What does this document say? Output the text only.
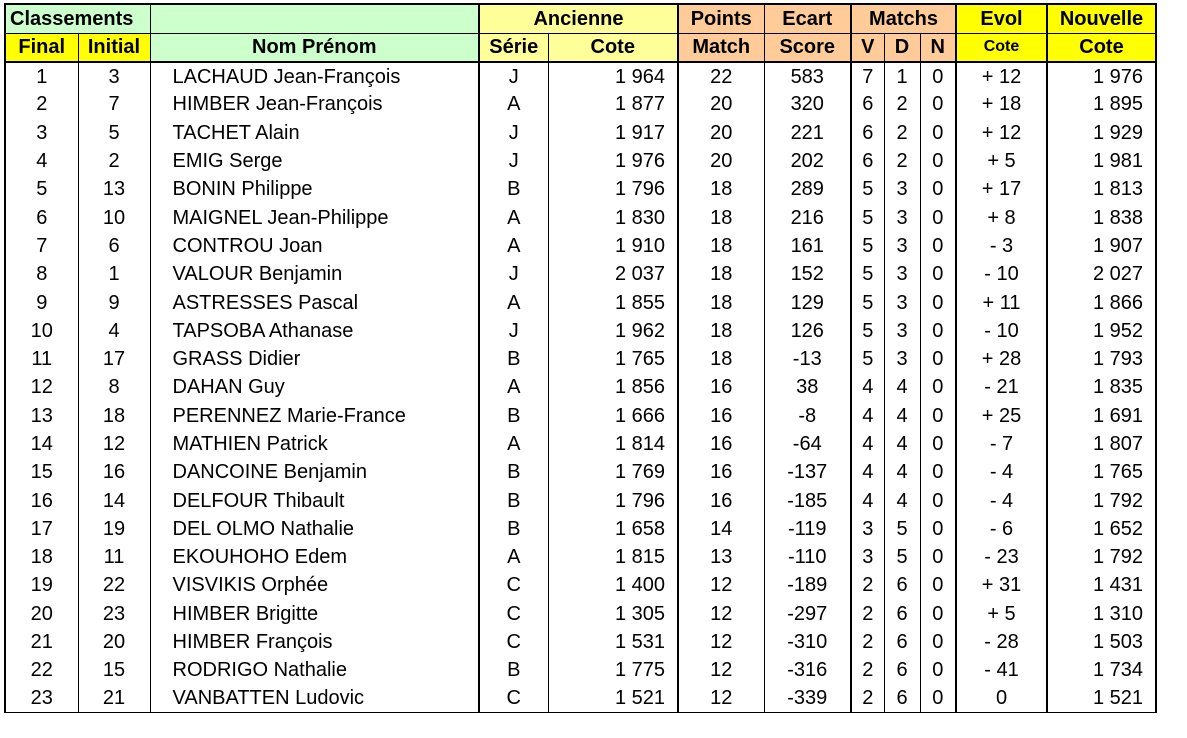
Classements			Ancienne		Points	Ecart	Matchs			Evol	Nouvelle
Final	Initial	Nom Prénom	Série	Cote	Match	Score	V	D	N	Cote	Cote
1	3	LACHAUD Jean-François	J	1 964	22	583	7	1	0	+ 12	1 976
2	7	HIMBER Jean-François	A	1 877	20	320	6	2	0	+ 18	1 895
3	5	TACHET Alain	J	1 917	20	221	6	2	0	+ 12	1 929
4	2	EMIG Serge	J	1 976	20	202	6	2	0	+ 5	1 981
5	13	BONIN Philippe	B	1 796	18	289	5	3	0	+ 17	1 813
6	10	MAIGNEL Jean-Philippe	A	1 830	18	216	5	3	0	+ 8	1 838
7	6	CONTROU Joan	A	1 910	18	161	5	3	0	- 3	1 907
8	1	VALOUR Benjamin	J	2 037	18	152	5	3	0	- 10	2 027
9	9	ASTRESSES Pascal	A	1 855	18	129	5	3	0	+ 11	1 866
10	4	TAPSOBA Athanase	J	1 962	18	126	5	3	0	- 10	1 952
11	17	GRASS Didier	B	1 765	18	-13	5	3	0	+ 28	1 793
12	8	DAHAN Guy	A	1 856	16	38	4	4	0	- 21	1 835
13	18	PERENNEZ Marie-France	B	1 666	16	-8	4	4	0	+ 25	1 691
14	12	MATHIEN Patrick	A	1 814	16	-64	4	4	0	- 7	1 807
15	16	DANCOINE Benjamin	B	1 769	16	-137	4	4	0	- 4	1 765
16	14	DELFOUR Thibault	B	1 796	16	-185	4	4	0	- 4	1 792
17	19	DEL OLMO Nathalie	B	1 658	14	-119	3	5	0	- 6	1 652
18	11	EKOUHOHO Edem	A	1 815	13	-110	3	5	0	- 23	1 792
19	22	VISVIKIS Orphée	C	1 400	12	-189	2	6	0	+ 31	1 431
20	23	HIMBER Brigitte	C	1 305	12	-297	2	6	0	+ 5	1 310
21	20	HIMBER François	C	1 531	12	-310	2	6	0	- 28	1 503
22	15	RODRIGO Nathalie	B	1 775	12	-316	2	6	0	- 41	1 734
23	21	VANBATTEN Ludovic	C	1 521	12	-339	2	6	0	0	1 521
